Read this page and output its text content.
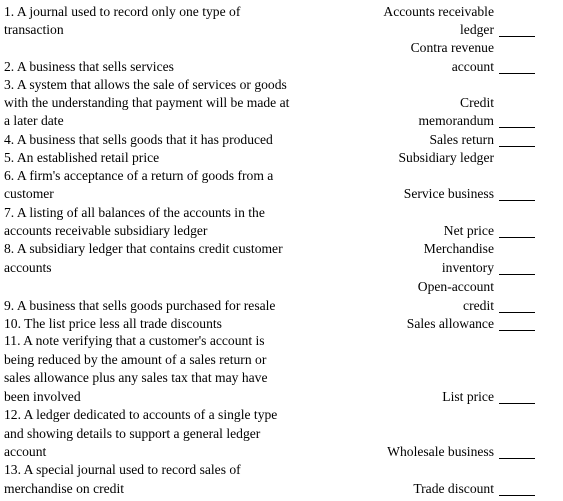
1. A journal used to record only one type of
transaction
2. A business that sells services
3. A system that allows the sale of services or goods
with the understanding that payment will be made at
a later date
4. A business that sells goods that it has produced
5. An established retail price
6. A firm's acceptance of a return of goods from a
customer
7. A listing of all balances of the accounts in the
accounts receivable subsidiary ledger
8. A subsidiary ledger that contains credit customer
accounts
9. A business that sells goods purchased for resale
10. The list price less all trade discounts
11. A note verifying that a customer's account is
being reduced by the amount of a sales return or
sales allowance plus any sales tax that may have
been involved
12. A ledger dedicated to accounts of a single type
and showing details to support a general ledger
account
13. A special journal used to record sales of
merchandise on credit
Accounts receivable
ledger
Contra revenue
account
Credit
memorandum
Sales return
Subsidiary ledger
Service business
Net price
Merchandise
inventory
Open-account
credit
Sales allowance
List price
Wholesale business
Trade discount
